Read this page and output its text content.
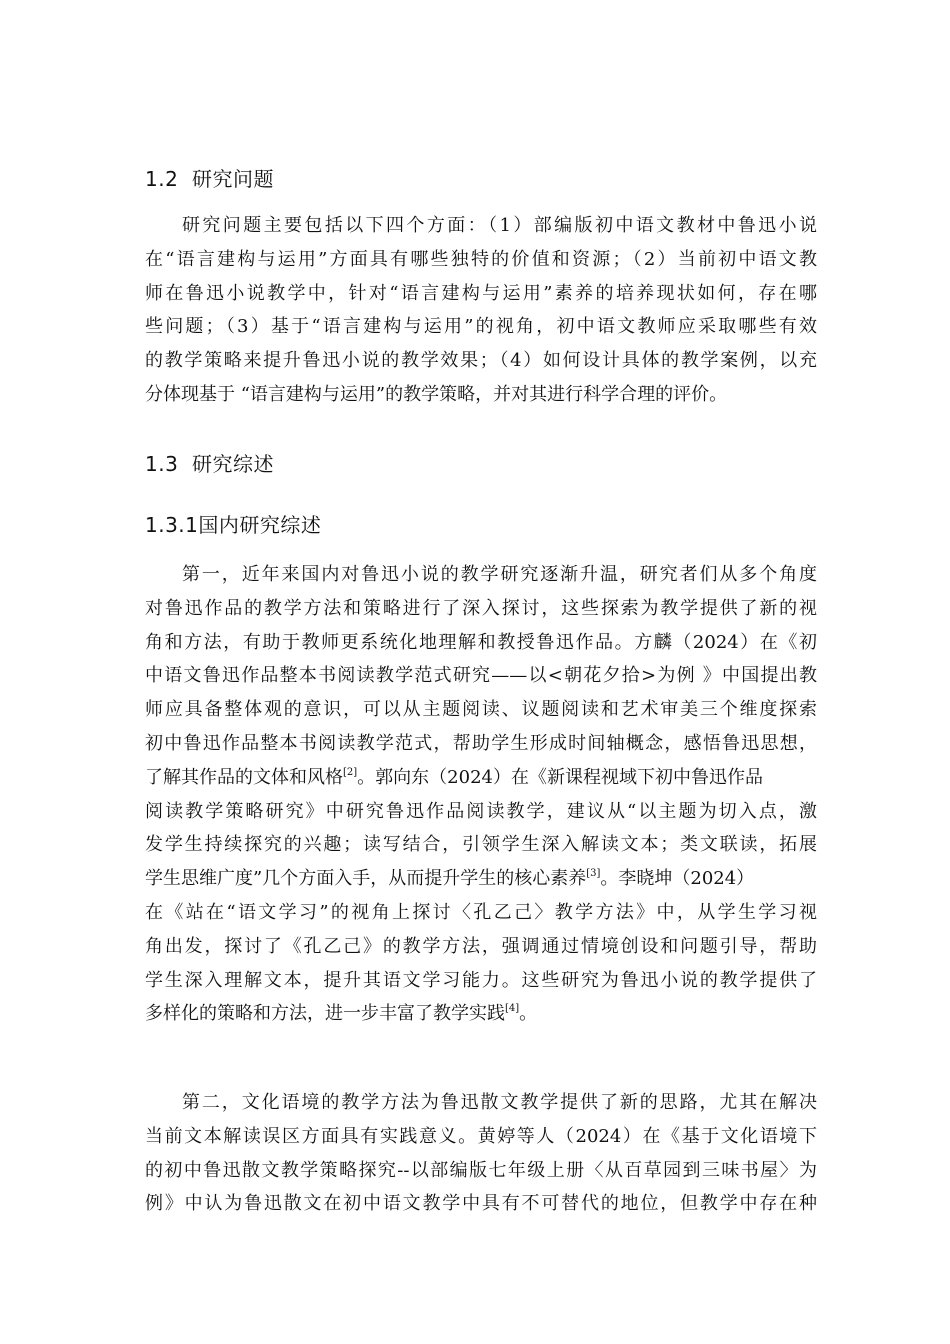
1.2 研究问题
研究问题主要包括以下四个方面：（1）部编版初中语文教材中鲁迅小说
在“语言建构与运用”方面具有哪些独特的价值和资源；（2）当前初中语文教
师在鲁迅小说教学中，针对“语言建构与运用”素养的培养现状如何，存在哪
些问题；（3）基于“语言建构与运用”的视角，初中语文教师应采取哪些有效
的教学策略来提升鲁迅小说的教学效果；（4）如何设计具体的教学案例，以充
分体现基于 “语言建构与运用”的教学策略，并对其进行科学合理的评价。
1.3 研究综述
1.3.1国内研究综述
第一，近年来国内对鲁迅小说的教学研究逐渐升温，研究者们从多个角度
对鲁迅作品的教学方法和策略进行了深入探讨，这些探索为教学提供了新的视
角和方法，有助于教师更系统化地理解和教授鲁迅作品。方麟（2024）在《初
中语文鲁迅作品整本书阅读教学范式研究——以<朝花夕拾>为例 》中国提出教
师应具备整体观的意识，可以从主题阅读、议题阅读和艺术审美三个维度探索
初中鲁迅作品整本书阅读教学范式，帮助学生形成时间轴概念，感悟鲁迅思想，
了解其作品的文体和风格[2]。郭向东（2024）在《新课程视域下初中鲁迅作品
阅读教学策略研究》中研究鲁迅作品阅读教学，建议从“以主题为切入点，激
发学生持续探究的兴趣；读写结合，引领学生深入解读文本；类文联读，拓展
学生思维广度”几个方面入手，从而提升学生的核心素养[3]。李晓坤（2024）
在《站在“语文学习”的视角上探讨〈孔乙己〉教学方法》中，从学生学习视
角出发，探讨了《孔乙己》的教学方法，强调通过情境创设和问题引导，帮助
学生深入理解文本，提升其语文学习能力。这些研究为鲁迅小说的教学提供了
多样化的策略和方法，进一步丰富了教学实践[4]。
第二，文化语境的教学方法为鲁迅散文教学提供了新的思路，尤其在解决
当前文本解读误区方面具有实践意义。黄婷等人（2024）在《基于文化语境下
的初中鲁迅散文教学策略探究--以部编版七年级上册〈从百草园到三味书屋〉为
例》中认为鲁迅散文在初中语文教学中具有不可替代的地位，但教学中存在种
